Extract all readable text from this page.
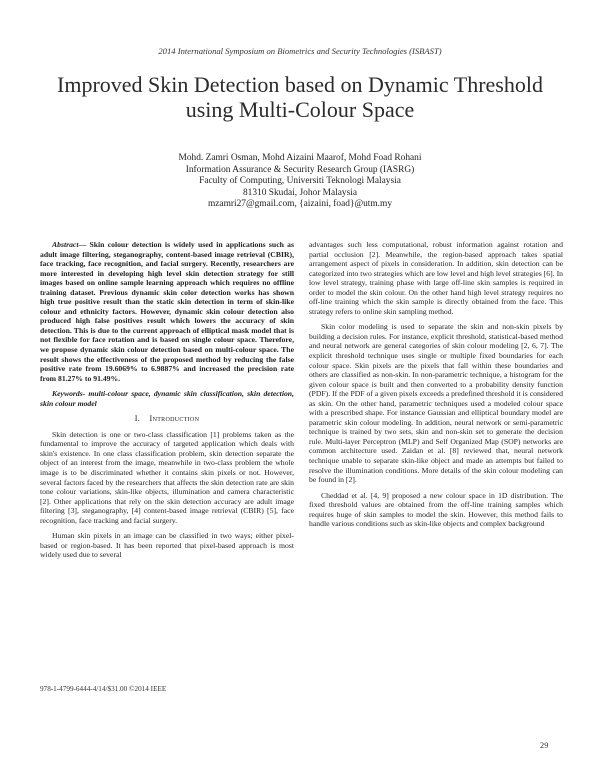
2014 International Symposium on Biometrics and Security Technologies (ISBAST)
Improved Skin Detection based on Dynamic Threshold
using Multi-Colour Space
Mohd. Zamri Osman, Mohd Aizaini Maarof, Mohd Foad Rohani
Information Assurance & Security Research Group (IASRG)
Faculty of Computing, Universiti Teknologi Malaysia
81310 Skudai, Johor Malaysia
mzamri27@gmail.com, {aizaini, foad}@utm.my

Abstract— Skin colour detection is widely used in applications such as adult image filtering, steganography, content-based image retrieval (CBIR), face tracking, face recognition, and facial surgery. Recently, researchers are more interested in developing high level skin detection strategy for still images based on online sample learning approach which requires no offline training dataset. Previous dynamic skin color detection works has shown high true positive result than the static skin detection in term of skin-like colour and ethnicity factors. However, dynamic skin colour detection also produced high false positives result which lowers the accuracy of skin detection. This is due to the current approach of elliptical mask model that is not flexible for face rotation and is based on single colour space. Therefore, we propose dynamic skin colour detection based on multi-colour space. The result shows the effectiveness of the proposed method by reducing the false positive rate from 19.6069% to 6.9887% and increased the precision rate from 81.27% to 91.49%.

Keywords- multi-colour space, dynamic skin classification, skin detection, skin colour model

I. Introduction

Skin detection is one or two-class classification [1] problems taken as the fundamental to improve the accuracy of targeted application which deals with skin's existence. In one class classification problem, skin detection separate the object of an interest from the image, meanwhile in two-class problem the whole image is to be discriminated whether it contains skin pixels or not. However, several factors faced by the researchers that affects the skin detection rate are skin tone colour variations, skin-like objects, illumination and camera characteristic [2]. Other applications that rely on the skin detection accuracy are adult image filtering [3], steganography, [4] content-based image retrieval (CBIR) [5], face recognition, face tracking and facial surgery.

Human skin pixels in an image can be classified in two ways; either pixel-based or region-based. It has been reported that pixel-based approach is most widely used due to several

advantages such less computational, robust information against rotation and partial occlusion [2]. Meanwhile, the region-based approach takes spatial arrangement aspect of pixels in consideration. In addition, skin detection can be categorized into two strategies which are low level and high level strategies [6]. In low level strategy, training phase with large off-line skin samples is required in order to model the skin colour. On the other hand high level strategy requires no off-line training which the skin sample is directly obtained from the face. This strategy refers to online skin sampling method.

Skin color modeling is used to separate the skin and non-skin pixels by building a decision rules. For instance, explicit threshold, statistical-based method and neural network are general categories of skin colour modeling [2, 6, 7]. The explicit threshold technique uses single or multiple fixed boundaries for each colour space. Skin pixels are the pixels that fall within these boundaries and others are classified as non-skin. In non-parametric technique, a histogram for the given colour space is built and then converted to a probability density function (PDF). If the PDF of a given pixels exceeds a predefined threshold it is considered as skin. On the other hand, parametric techniques used a modeled colour space with a prescribed shape. For instance Gaussian and elliptical boundary model are parametric skin colour modeling. In addition, neural network or semi-parametric technique is trained by two sets, skin and non-skin set to generate the decision rule. Multi-layer Perceptron (MLP) and Self Organized Map (SOP) networks are common architecture used. Zaidan et al. [8] reviewed that, neural network technique unable to separate skin-like object and made an attempts but failed to resolve the illumination conditions. More details of the skin colour modeling can be found in [2].

Cheddad et al. [4, 9] proposed a new colour space in 1D distribution. The fixed threshold values are obtained from the off-line training samples which requires huge of skin samples to model the skin. However, this method fails to handle various conditions such as skin-like objects and complex background

978-1-4799-6444-4/14/$31.00 ©2014 IEEE
29
